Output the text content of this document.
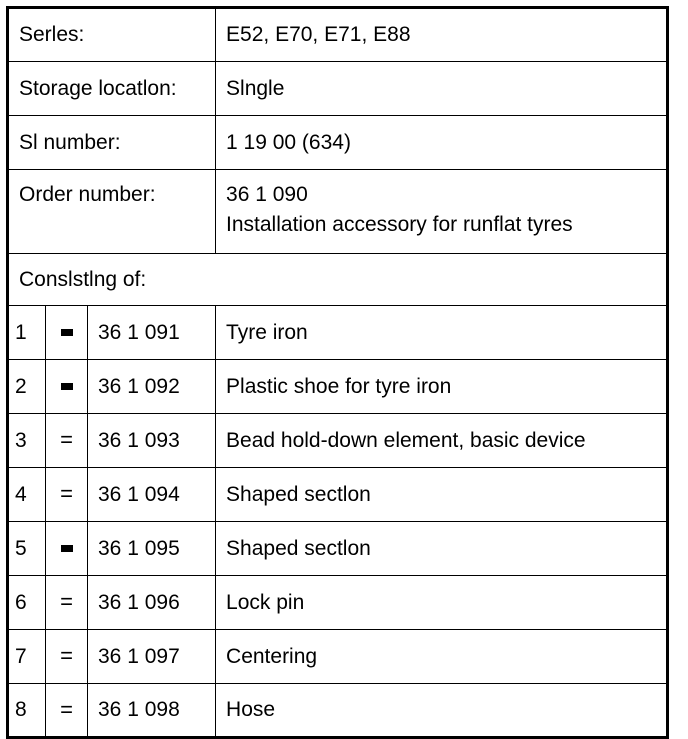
Serles:			E52, E70, E71, E88
Storage locatlon:			Slngle
Sl number:			1 19 00 (634)
Order number:			36 1 090
Installation accessory for runflat tyres

Conslstlng of:			
1		36 1 091	Tyre iron
2		36 1 092	Plastic shoe for tyre iron
3	=	36 1 093	Bead hold-down element, basic device
4	=	36 1 094	Shaped sectlon
5		36 1 095	Shaped sectlon
6	=	36 1 096	Lock pin
7	=	36 1 097	Centering
8	=	36 1 098	Hose
